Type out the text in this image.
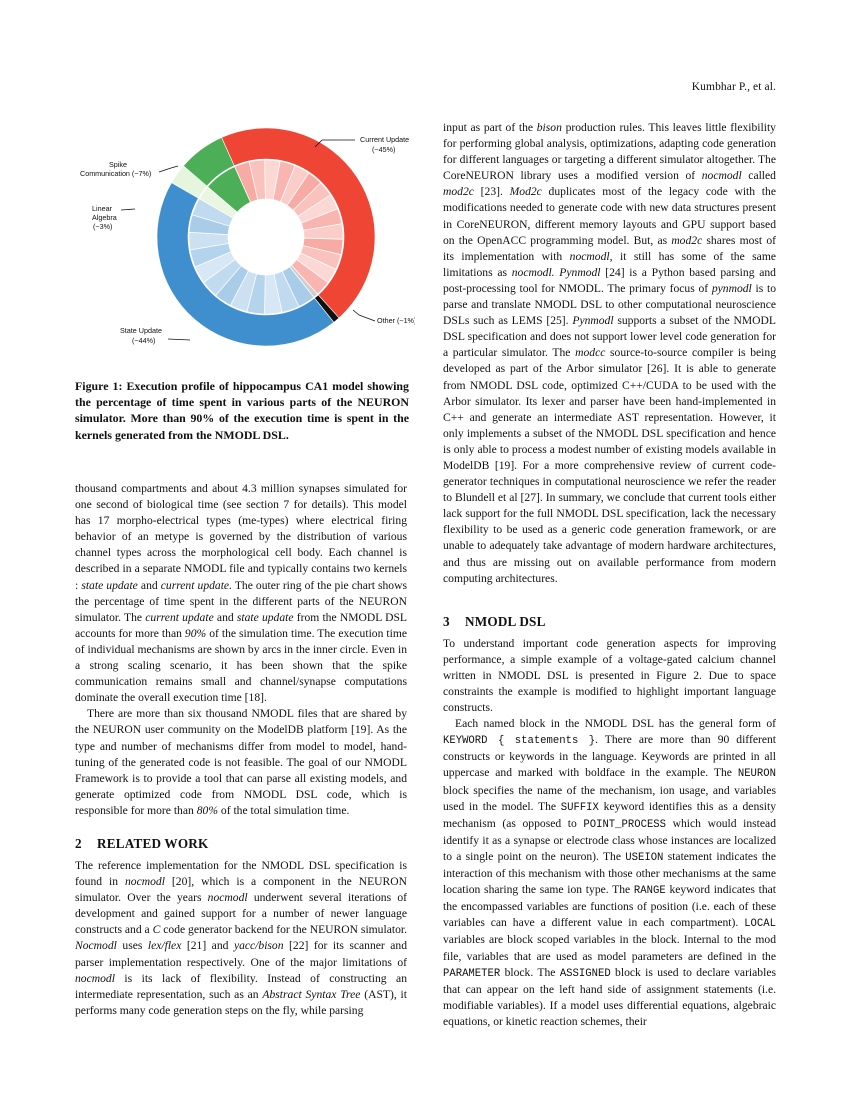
Kumbhar P., et al.
Current Update
(~45%)
Spike
Communication (~7%)
Linear
Algebra
(~3%)
State Update
(~44%)
Other (~1%)
Figure 1: Execution profile of hippocampus CA1 model showing the percentage of time spent in various parts of the NEURON simulator. More than 90% of the execution time is spent in the kernels generated from the NMODL DSL.

thousand compartments and about 4.3 million synapses simulated for one second of biological time (see section 7 for details). This model has 17 morpho-electrical types (me-types) where electrical firing behavior of an metype is governed by the distribution of various channel types across the morphological cell body. Each channel is described in a separate NMODL file and typically contains two kernels : state update and current update. The outer ring of the pie chart shows the percentage of time spent in the different parts of the NEURON simulator. The current update and state update from the NMODL DSL accounts for more than 90% of the simulation time. The execution time of individual mechanisms are shown by arcs in the inner circle. Even in a strong scaling scenario, it has been shown that the spike communication remains small and channel/synapse computations dominate the overall execution time [18].

There are more than six thousand NMODL files that are shared by the NEURON user community on the ModelDB platform [19]. As the type and number of mechanisms differ from model to model, hand-tuning of the generated code is not feasible. The goal of our NMODL Framework is to provide a tool that can parse all existing models, and generate optimized code from NMODL DSL code, which is responsible for more than 80% of the total simulation time.

2 RELATED WORK

The reference implementation for the NMODL DSL specification is found in nocmodl [20], which is a component in the NEURON simulator. Over the years nocmodl underwent several iterations of development and gained support for a number of newer language constructs and a C code generator backend for the NEURON simulator. Nocmodl uses lex/flex [21] and yacc/bison [22] for its scanner and parser implementation respectively. One of the major limitations of nocmodl is its lack of flexibility. Instead of constructing an intermediate representation, such as an Abstract Syntax Tree (AST), it performs many code generation steps on the fly, while parsing

input as part of the bison production rules. This leaves little flexibility for performing global analysis, optimizations, adapting code generation for different languages or targeting a different simulator altogether. The CoreNEURON library uses a modified version of nocmodl called mod2c [23]. Mod2c duplicates most of the legacy code with the modifications needed to generate code with new data structures present in CoreNEURON, different memory layouts and GPU support based on the OpenACC programming model. But, as mod2c shares most of its implementation with nocmodl, it still has some of the same limitations as nocmodl. Pynmodl [24] is a Python based parsing and post-processing tool for NMODL. The primary focus of pynmodl is to parse and translate NMODL DSL to other computational neuroscience DSLs such as LEMS [25]. Pynmodl supports a subset of the NMODL DSL specification and does not support lower level code generation for a particular simulator. The modcc source-to-source compiler is being developed as part of the Arbor simulator [26]. It is able to generate from NMODL DSL code, optimized C++/CUDA to be used with the Arbor simulator. Its lexer and parser have been hand-implemented in C++ and generate an intermediate AST representation. However, it only implements a subset of the NMODL DSL specification and hence is only able to process a modest number of existing models available in ModelDB [19]. For a more comprehensive review of current code-generator techniques in computational neuroscience we refer the reader to Blundell et al [27]. In summary, we conclude that current tools either lack support for the full NMODL DSL specification, lack the necessary flexibility to be used as a generic code generation framework, or are unable to adequately take advantage of modern hardware architectures, and thus are missing out on available performance from modern computing architectures.

3 NMODL DSL

To understand important code generation aspects for improving performance, a simple example of a voltage-gated calcium channel written in NMODL DSL is presented in Figure 2. Due to space constraints the example is modified to highlight important language constructs.

Each named block in the NMODL DSL has the general form of KEYWORD { statements }. There are more than 90 different constructs or keywords in the language. Keywords are printed in all uppercase and marked with boldface in the example. The NEURON block specifies the name of the mechanism, ion usage, and variables used in the model. The SUFFIX keyword identifies this as a density mechanism (as opposed to POINT_PROCESS which would instead identify it as a synapse or electrode class whose instances are localized to a single point on the neuron). The USEION statement indicates the interaction of this mechanism with those other mechanisms at the same location sharing the same ion type. The RANGE keyword indicates that the encompassed variables are functions of position (i.e. each of these variables can have a different value in each compartment). LOCAL variables are block scoped variables in the block. Internal to the mod file, variables that are used as model parameters are defined in the PARAMETER block. The ASSIGNED block is used to declare variables that can appear on the left hand side of assignment statements (i.e. modifiable variables). If a model uses differential equations, algebraic equations, or kinetic reaction schemes, their
